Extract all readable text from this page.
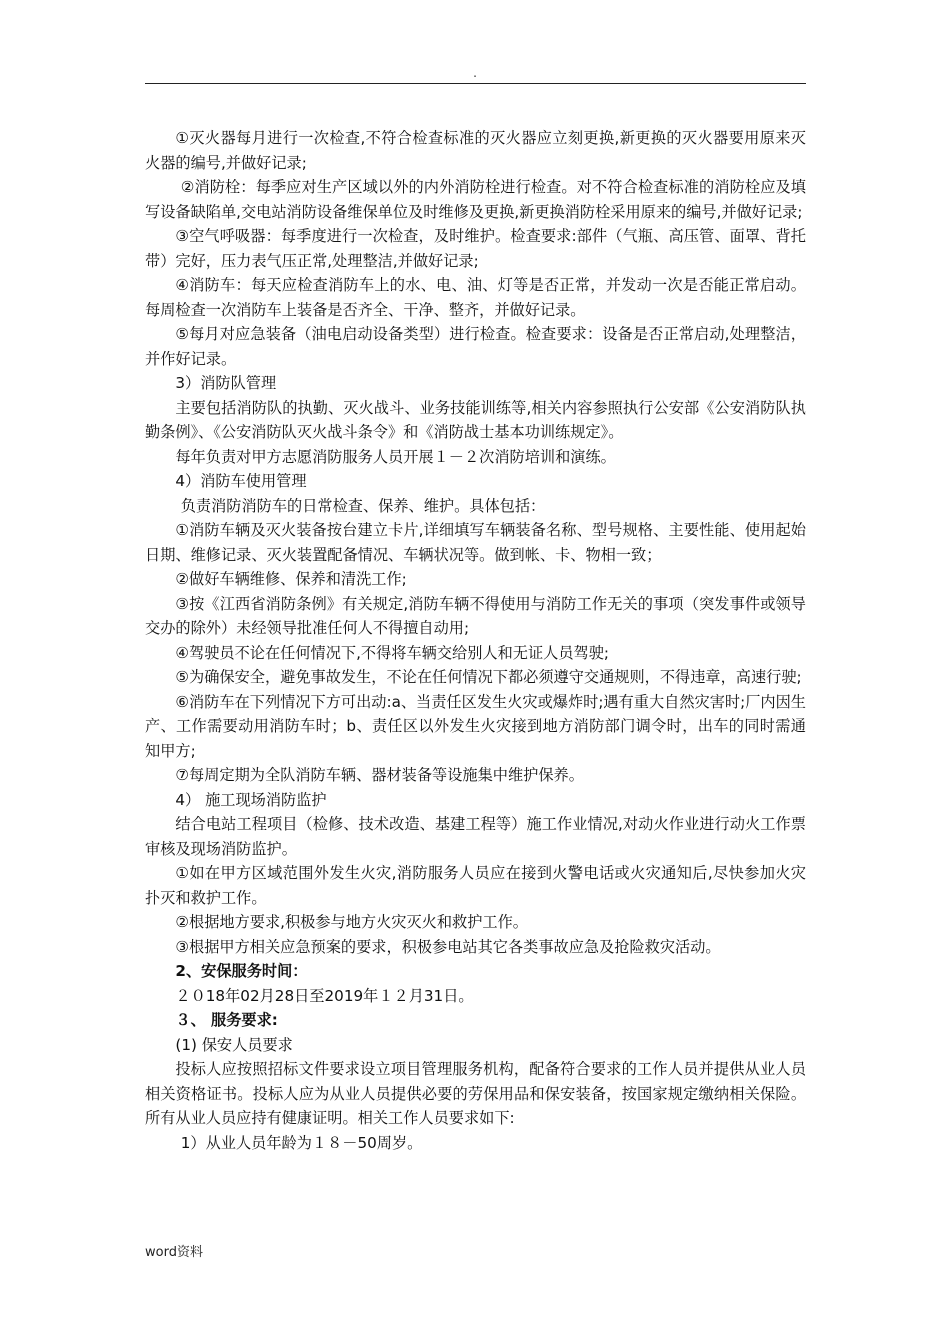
.

①灭火器每月进行一次检查,不符合检查标准的灭火器应立刻更换,新更换的灭火器要用原来灭火器的编号,并做好记录;

②消防栓：每季应对生产区域以外的内外消防栓进行检查。对不符合检查标准的消防栓应及填写设备缺陷单,交电站消防设备维保单位及时维修及更换,新更换消防栓采用原来的编号,并做好记录;

③空气呼吸器：每季度进行一次检查，及时维护。检查要求:部件（气瓶、高压管、面罩、背托带）完好，压力表气压正常,处理整洁,并做好记录;

④消防车：每天应检查消防车上的水、电、油、灯等是否正常，并发动一次是否能正常启动。每周检查一次消防车上装备是否齐全、干净、整齐，并做好记录。

⑤每月对应急装备（油电启动设备类型）进行检查。检查要求：设备是否正常启动,处理整洁，并作好记录。

3）消防队管理

主要包括消防队的执勤、灭火战斗、业务技能训练等,相关内容参照执行公安部《公安消防队执勤条例》、《公安消防队灭火战斗条令》和《消防战士基本功训练规定》。

每年负责对甲方志愿消防服务人员开展１－２次消防培训和演练。

4）消防车使用管理

负责消防消防车的日常检查、保养、维护。具体包括：

①消防车辆及灭火装备按台建立卡片,详细填写车辆装备名称、型号规格、主要性能、使用起始日期、维修记录、灭火装置配备情况、车辆状况等。做到帐、卡、物相一致；

②做好车辆维修、保养和清洗工作;

③按《江西省消防条例》有关规定,消防车辆不得使用与消防工作无关的事项（突发事件或领导交办的除外）未经领导批准任何人不得擅自动用;

④驾驶员不论在任何情况下,不得将车辆交给别人和无证人员驾驶;

⑤为确保安全，避免事故发生，不论在任何情况下都必须遵守交通规则，不得违章，高速行驶;

⑥消防车在下列情况下方可出动:a、当责任区发生火灾或爆炸时;遇有重大自然灾害时;厂内因生产、工作需要动用消防车时；b、责任区以外发生火灾接到地方消防部门调令时，出车的同时需通知甲方;

⑦每周定期为全队消防车辆、器材装备等设施集中维护保养。

4） 施工现场消防监护

结合电站工程项目（检修、技术改造、基建工程等）施工作业情况,对动火作业进行动火工作票审核及现场消防监护。

①如在甲方区域范围外发生火灾,消防服务人员应在接到火警电话或火灾通知后,尽快参加火灾扑灭和救护工作。

②根据地方要求,积极参与地方火灾灭火和救护工作。

③根据甲方相关应急预案的要求，积极参电站其它各类事故应急及抢险救灾活动。

2、安保服务时间：

２０18年02月28日至2019年１２月31日。

３、 服务要求:

(1) 保安人员要求

投标人应按照招标文件要求设立项目管理服务机构，配备符合要求的工作人员并提供从业人员相关资格证书。投标人应为从业人员提供必要的劳保用品和保安装备，按国家规定缴纳相关保险。所有从业人员应持有健康证明。相关工作人员要求如下:

1）从业人员年龄为１８－50周岁。

word资料
